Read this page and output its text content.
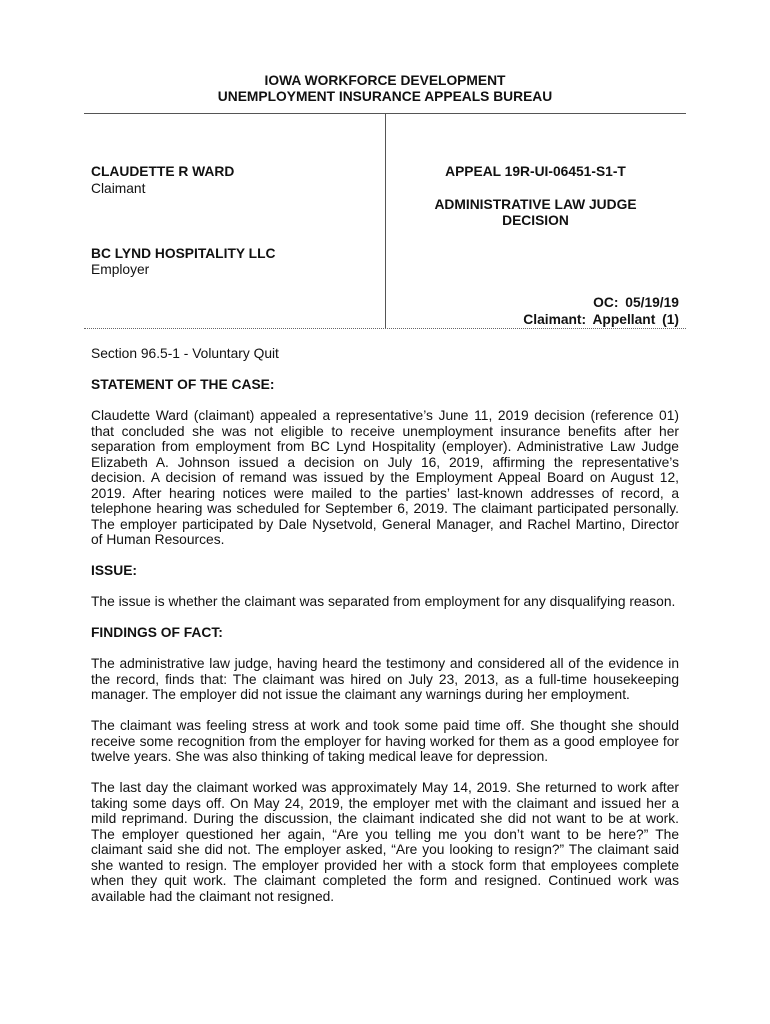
IOWA WORKFORCE DEVELOPMENT
UNEMPLOYMENT INSURANCE APPEALS BUREAU
CLAUDETTE R WARD
Claimant
BC LYND HOSPITALITY LLC
Employer
APPEAL 19R-UI-06451-S1-T
ADMINISTRATIVE LAW JUDGE
DECISION
OC: 05/19/19
Claimant: Appellant (1)
Section 96.5-1 - Voluntary Quit
STATEMENT OF THE CASE:
Claudette Ward (claimant) appealed a representative’s June 11, 2019 decision (reference 01)
that concluded she was not eligible to receive unemployment insurance benefits after her
separation from employment from BC Lynd Hospitality (employer). Administrative Law Judge
Elizabeth A. Johnson issued a decision on July 16, 2019, affirming the representative’s
decision. A decision of remand was issued by the Employment Appeal Board on August 12,
2019. After hearing notices were mailed to the parties’ last-known addresses of record, a
telephone hearing was scheduled for September 6, 2019. The claimant participated personally.
The employer participated by Dale Nysetvold, General Manager, and Rachel Martino, Director
of Human Resources.
ISSUE:
The issue is whether the claimant was separated from employment for any disqualifying reason.
FINDINGS OF FACT:
The administrative law judge, having heard the testimony and considered all of the evidence in
the record, finds that: The claimant was hired on July 23, 2013, as a full-time housekeeping
manager. The employer did not issue the claimant any warnings during her employment.
The claimant was feeling stress at work and took some paid time off. She thought she should
receive some recognition from the employer for having worked for them as a good employee for
twelve years. She was also thinking of taking medical leave for depression.
The last day the claimant worked was approximately May 14, 2019. She returned to work after
taking some days off. On May 24, 2019, the employer met with the claimant and issued her a
mild reprimand. During the discussion, the claimant indicated she did not want to be at work.
The employer questioned her again, “Are you telling me you don’t want to be here?” The
claimant said she did not. The employer asked, “Are you looking to resign?” The claimant said
she wanted to resign. The employer provided her with a stock form that employees complete
when they quit work. The claimant completed the form and resigned. Continued work was
available had the claimant not resigned.
